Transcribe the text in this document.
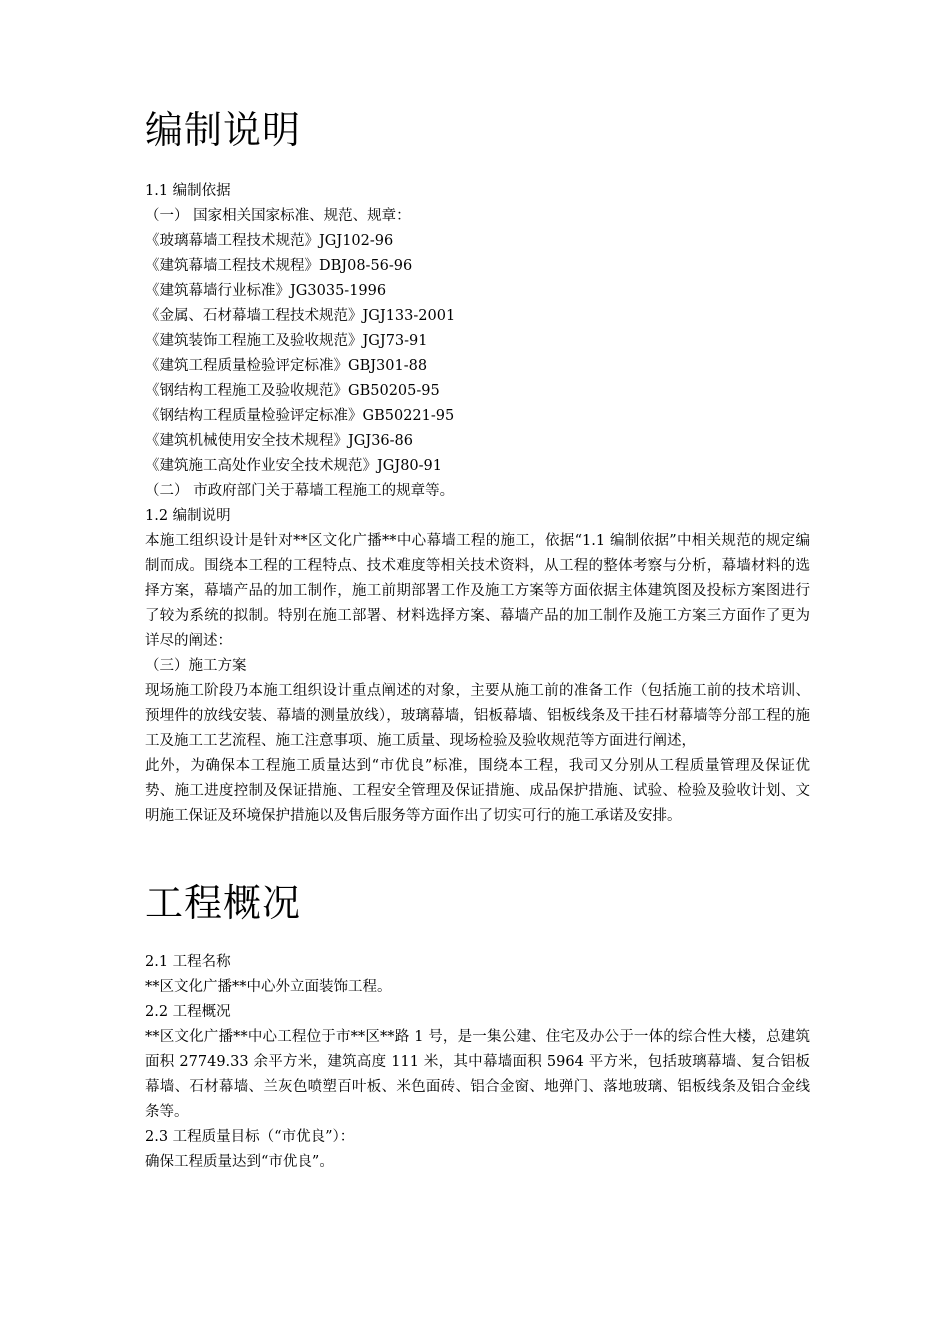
编制说明
1.1 编制依据
（一） 国家相关国家标准、规范、规章：
《玻璃幕墙工程技术规范》JGJ102-96
《建筑幕墙工程技术规程》DBJ08-56-96
《建筑幕墙行业标准》JG3035-1996
《金属、石材幕墙工程技术规范》JGJ133-2001
《建筑装饰工程施工及验收规范》JGJ73-91
《建筑工程质量检验评定标准》GBJ301-88
《钢结构工程施工及验收规范》GB50205-95
《钢结构工程质量检验评定标准》GB50221-95
《建筑机械使用安全技术规程》JGJ36-86
《建筑施工高处作业安全技术规范》JGJ80-91
（二） 市政府部门关于幕墙工程施工的规章等。
1.2 编制说明
本施工组织设计是针对**区文化广播**中心幕墙工程的施工，依据“1.1 编制依据”中相关规范的规定编制而成。围绕本工程的工程特点、技术难度等相关技术资料，从工程的整体考察与分析，幕墙材料的选择方案，幕墙产品的加工制作，施工前期部署工作及施工方案等方面依据主体建筑图及投标方案图进行了较为系统的拟制。特别在施工部署、材料选择方案、幕墙产品的加工制作及施工方案三方面作了更为详尽的阐述：
（三）施工方案
现场施工阶段乃本施工组织设计重点阐述的对象，主要从施工前的准备工作（包括施工前的技术培训、预埋件的放线安装、幕墙的测量放线），玻璃幕墙，铝板幕墙、铝板线条及干挂石材幕墙等分部工程的施工及施工工艺流程、施工注意事项、施工质量、现场检验及验收规范等方面进行阐述，
此外，为确保本工程施工质量达到“市优良”标准，围绕本工程，我司又分别从工程质量管理及保证优势、施工进度控制及保证措施、工程安全管理及保证措施、成品保护措施、试验、检验及验收计划、文明施工保证及环境保护措施以及售后服务等方面作出了切实可行的施工承诺及安排。
工程概况
2.1 工程名称
**区文化广播**中心外立面装饰工程。
2.2 工程概况
**区文化广播**中心工程位于市**区**路 1 号，是一集公建、住宅及办公于一体的综合性大楼，总建筑面积 27749.33 余平方米，建筑高度 111 米，其中幕墙面积 5964 平方米，包括玻璃幕墙、复合铝板幕墙、石材幕墙、兰灰色喷塑百叶板、米色面砖、铝合金窗、地弹门、落地玻璃、铝板线条及铝合金线条等。
2.3 工程质量目标（“市优良”）：
确保工程质量达到“市优良”。
